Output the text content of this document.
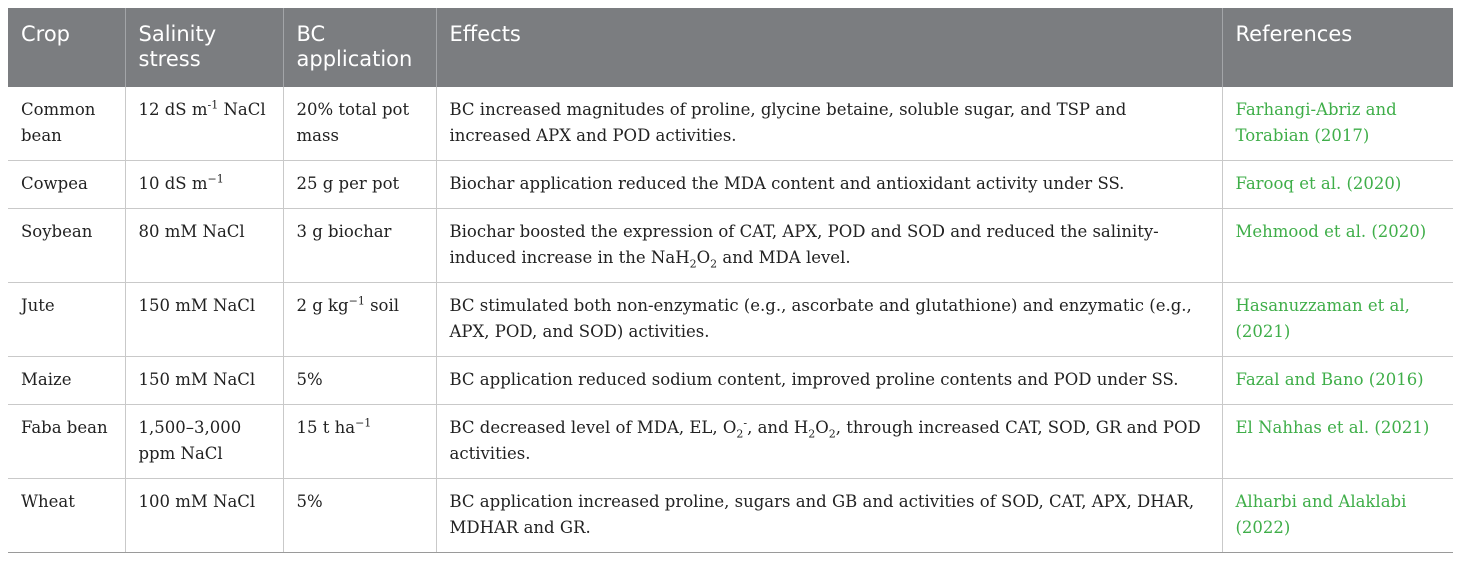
Crop	Salinity stress	BC application	Effects	References
Common bean	12 dS $m^{-1}$ NaCl	20% total pot mass	BC increased magnitudes of proline, glycine betaine, soluble sugar, and TSP and increased APX and POD activities.	Farhangi-Abriz and Torabian (2017)
Cowpea	10 dS $m^{-1}$	25 g per pot	Biochar application reduced the MDA content and antioxidant activity under SS.	Farooq et al. (2020)
Soybean	80 mM NaCl	3 g biochar	Biochar boosted the expression of CAT, APX, POD and SOD and reduced the salinity-induced increase in the $NaH_2O_2$ and MDA level.	Mehmood et al. (2020)
Jute	150 mM NaCl	2 g $kg^{-1}$ soil	BC stimulated both non-enzymatic (e.g., ascorbate and glutathione) and enzymatic (e.g., APX, POD, and SOD) activities.	Hasanuzzaman et al, (2021)
Maize	150 mM NaCl	5%	BC application reduced sodium content, improved proline contents and POD under SS.	Fazal and Bano (2016)
Faba bean	1,500–3,000 ppm NaCl	15 t $ha^{-1}$	BC decreased level of MDA, EL, $O_2^-$, and $H_2O_2$, through increased CAT, SOD, GR and POD activities.	El Nahhas et al. (2021)
Wheat	100 mM NaCl	5%	BC application increased proline, sugars and GB and activities of SOD, CAT, APX, DHAR, MDHAR and GR.	Alharbi and Alaklabi (2022)
